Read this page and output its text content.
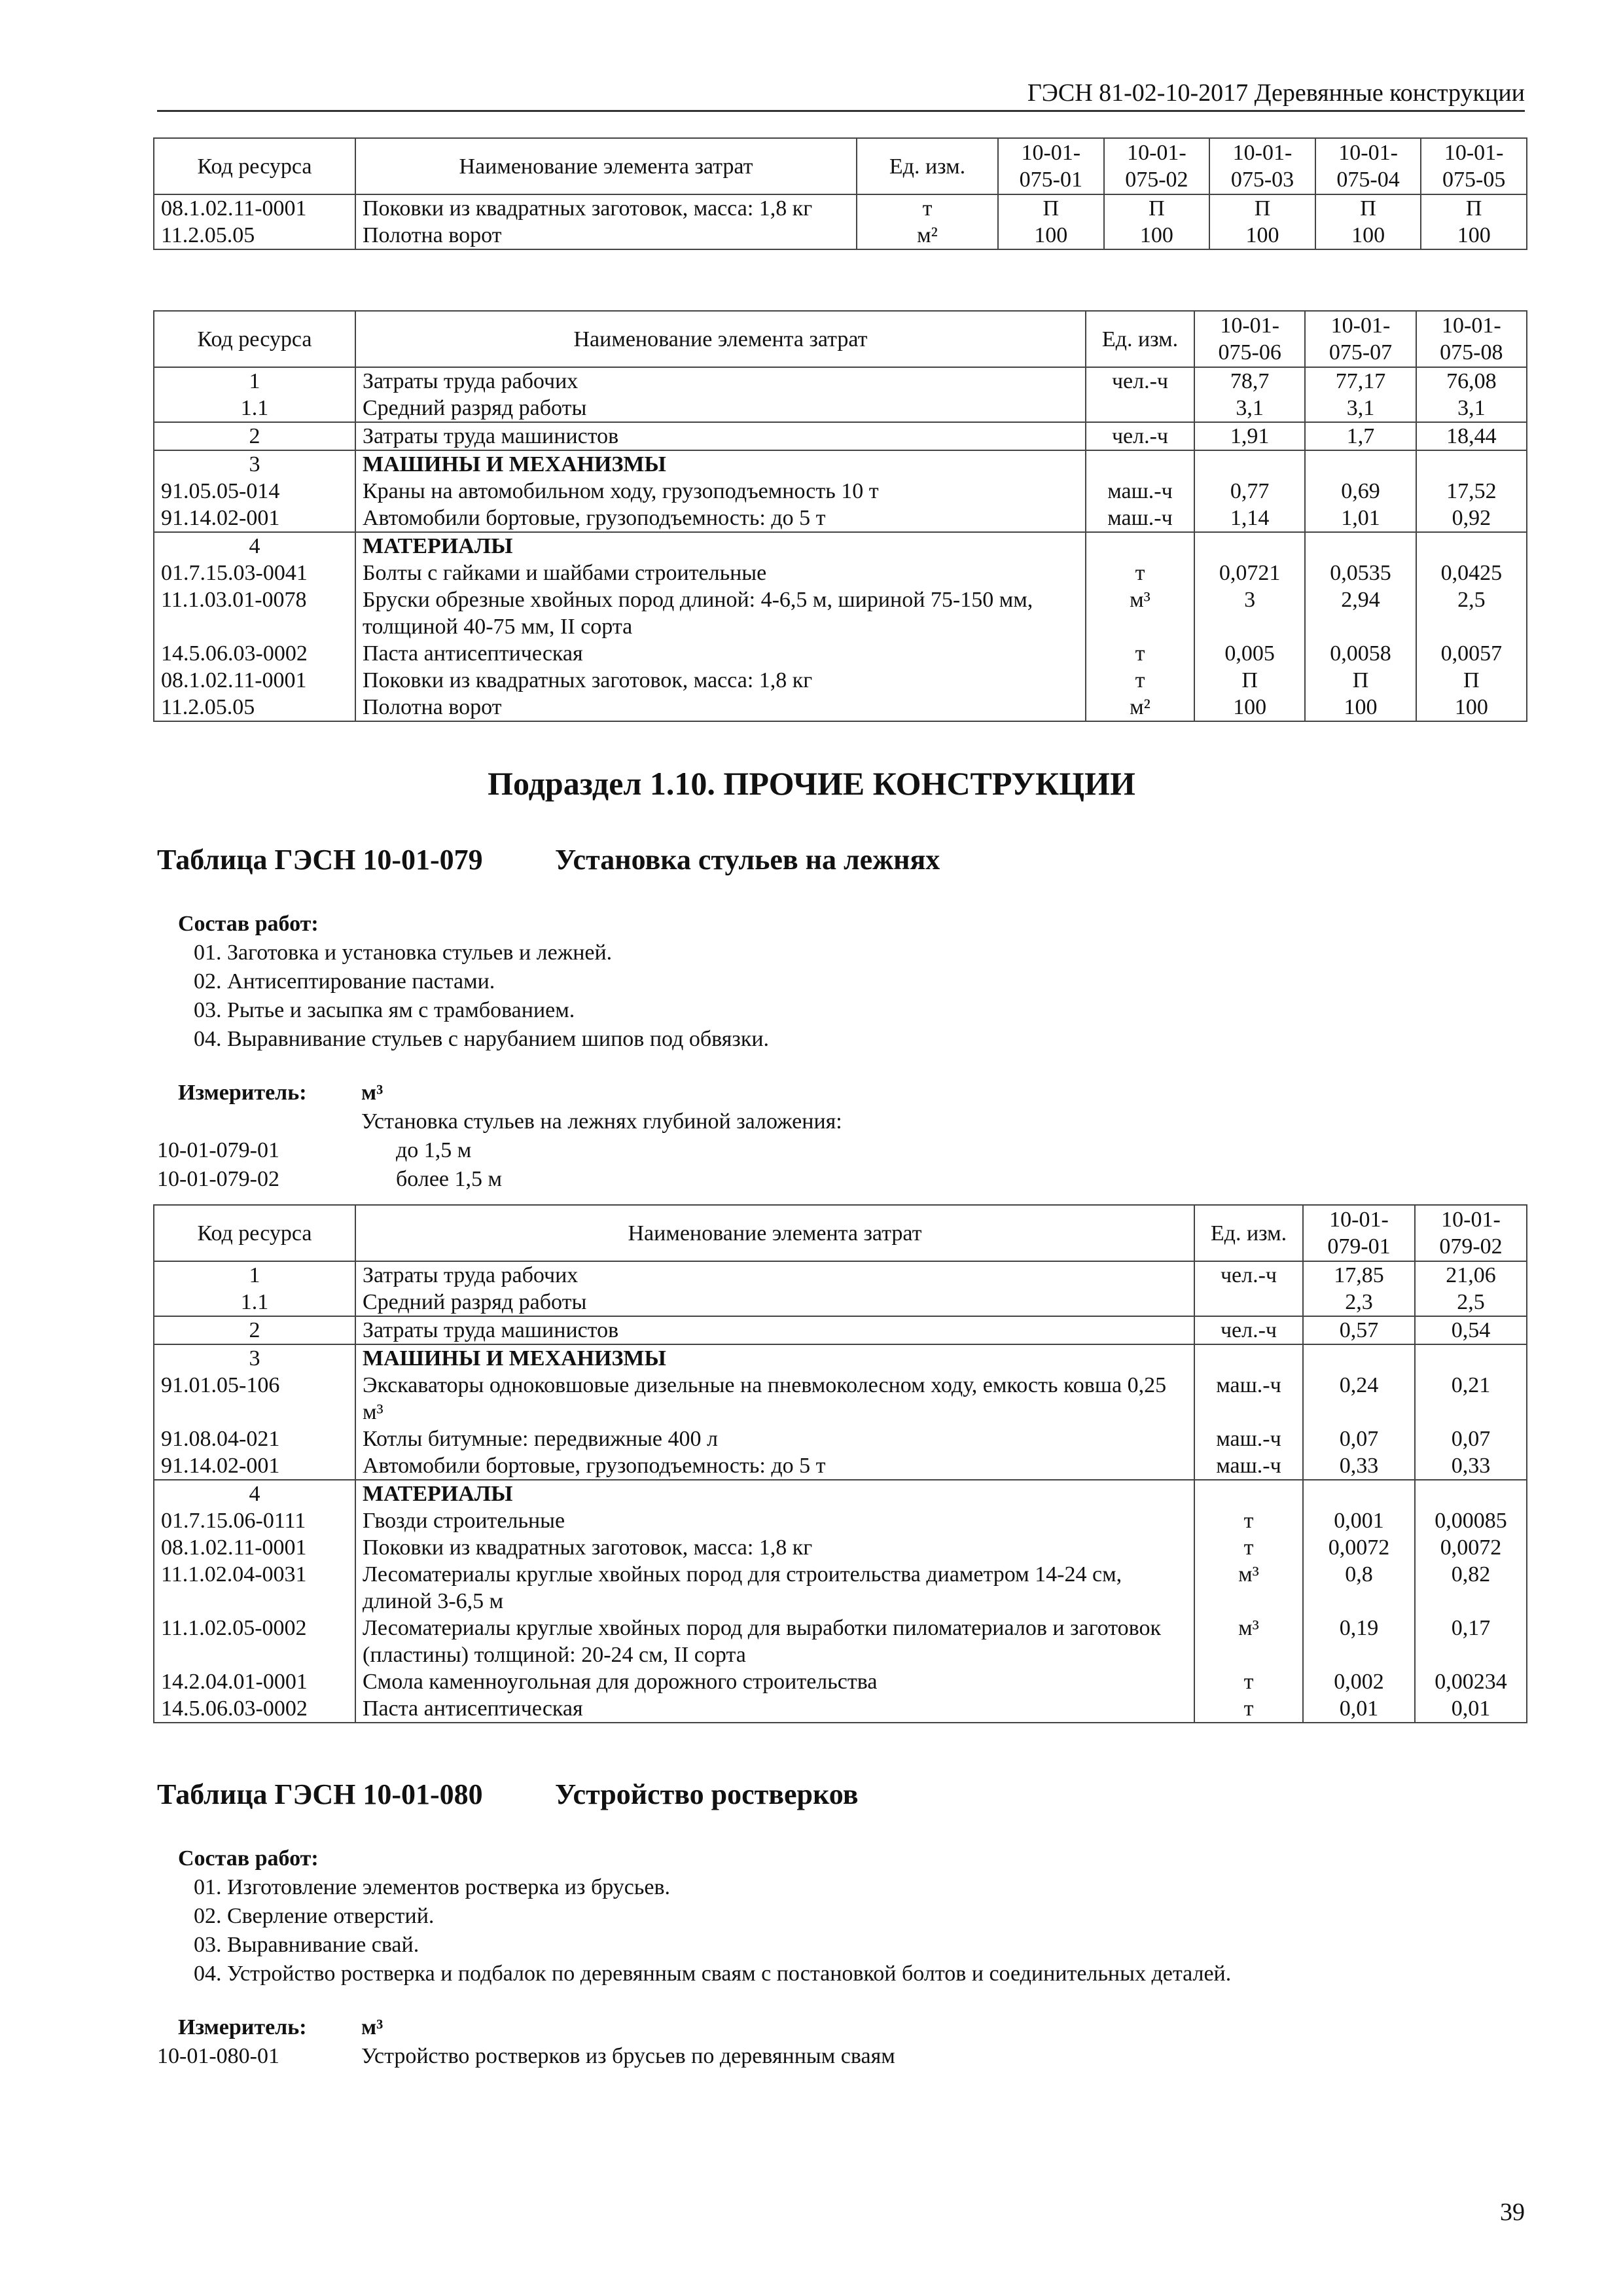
ГЭСН 81-02-10-2017 Деревянные конструкции
Код ресурса	Наименование элемента затрат	Ед. изм.	10-01-075-01	10-01-075-02	10-01-075-03	10-01-075-04	10-01-075-05
08.1.02.11-0001	Поковки из квадратных заготовок, масса: 1,8 кг	т	П	П	П	П	П
11.2.05.05	Полотна ворот	м²	100	100	100	100	100
Код ресурса	Наименование элемента затрат	Ед. изм.	10-01-075-06	10-01-075-07	10-01-075-08
1	Затраты труда рабочих	чел.-ч	78,7	77,17	76,08
1.1	Средний разряд работы		3,1	3,1	3,1
2	Затраты труда машинистов	чел.-ч	1,91	1,7	18,44
3	МАШИНЫ И МЕХАНИЗМЫ				
91.05.05-014	Краны на автомобильном ходу, грузоподъемность 10 т	маш.-ч	0,77	0,69	17,52
91.14.02-001	Автомобили бортовые, грузоподъемность: до 5 т	маш.-ч	1,14	1,01	0,92
4	МАТЕРИАЛЫ				
01.7.15.03-0041	Болты с гайками и шайбами строительные	т	0,0721	0,0535	0,0425
11.1.03.01-0078	Бруски обрезные хвойных пород длиной: 4-6,5 м, шириной 75-150 мм, толщиной 40-75 мм, II сорта	м³	3	2,94	2,5
14.5.06.03-0002	Паста антисептическая	т	0,005	0,0058	0,0057
08.1.02.11-0001	Поковки из квадратных заготовок, масса: 1,8 кг	т	П	П	П
11.2.05.05	Полотна ворот	м²	100	100	100
Подраздел 1.10. ПРОЧИЕ КОНСТРУКЦИИ
Таблица ГЭСН 10-01-079	Установка стульев на лежнях
Состав работ:
01. Заготовка и установка стульев и лежней.
02. Антисептирование пастами.
03. Рытье и засыпка ям с трамбованием.
04. Выравнивание стульев с нарубанием шипов под обвязки.
Измеритель: м³
Установка стульев на лежнях глубиной заложения:
10-01-079-01	до 1,5 м
10-01-079-02	более 1,5 м
Код ресурса	Наименование элемента затрат	Ед. изм.	10-01-079-01	10-01-079-02
1	Затраты труда рабочих	чел.-ч	17,85	21,06
1.1	Средний разряд работы		2,3	2,5
2	Затраты труда машинистов	чел.-ч	0,57	0,54
3	МАШИНЫ И МЕХАНИЗМЫ			
91.01.05-106	Экскаваторы одноковшовые дизельные на пневмоколесном ходу, емкость ковша 0,25 м³	маш.-ч	0,24	0,21
91.08.04-021	Котлы битумные: передвижные 400 л	маш.-ч	0,07	0,07
91.14.02-001	Автомобили бортовые, грузоподъемность: до 5 т	маш.-ч	0,33	0,33
4	МАТЕРИАЛЫ			
01.7.15.06-0111	Гвозди строительные	т	0,001	0,00085
08.1.02.11-0001	Поковки из квадратных заготовок, масса: 1,8 кг	т	0,0072	0,0072
11.1.02.04-0031	Лесоматериалы круглые хвойных пород для строительства диаметром 14-24 см, длиной 3-6,5 м	м³	0,8	0,82
11.1.02.05-0002	Лесоматериалы круглые хвойных пород для выработки пиломатериалов и заготовок (пластины) толщиной: 20-24 см, II сорта	м³	0,19	0,17
14.2.04.01-0001	Смола каменноугольная для дорожного строительства	т	0,002	0,00234
14.5.06.03-0002	Паста антисептическая	т	0,01	0,01
Таблица ГЭСН 10-01-080	Устройство ростверков
Состав работ:
01. Изготовление элементов ростверка из брусьев.
02. Сверление отверстий.
03. Выравнивание свай.
04. Устройство ростверка и подбалок по деревянным сваям с постановкой болтов и соединительных деталей.
Измеритель: м³
10-01-080-01	Устройство ростверков из брусьев по деревянным сваям
39
